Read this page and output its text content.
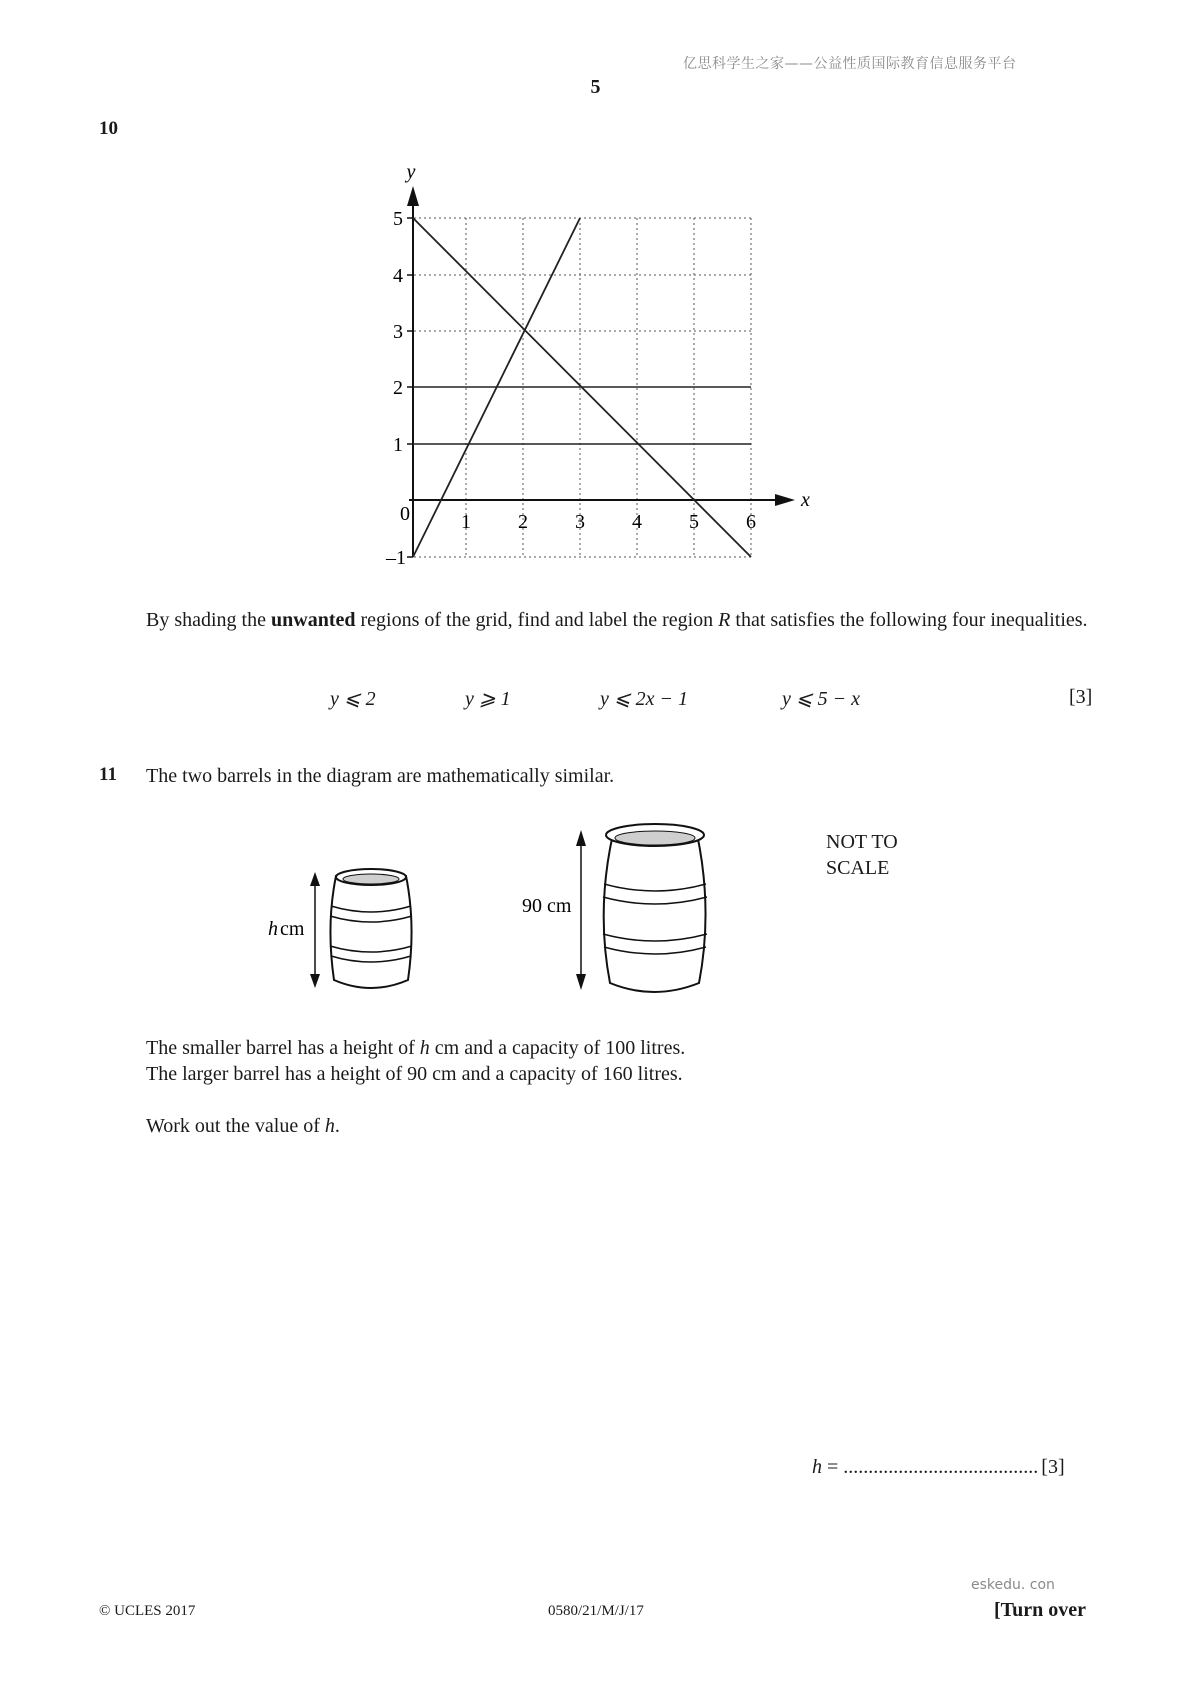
亿思科学生之家——公益性质国际教育信息服务平台
5
10
y
x
1 2 3 4 5 6
5
4
3
2
1
0
–1
By shading the unwanted regions of the grid, find and label the region R that satisfies the following four inequalities.
y ⩽ 2	y ⩾ 1	y ⩽ 2x − 1	y ⩽ 5 − x	[3]
11 The two barrels in the diagram are mathematically similar.
h cm
90 cm
NOT TO
SCALE
The smaller barrel has a height of h cm and a capacity of 100 litres.
The larger barrel has a height of 90 cm and a capacity of 160 litres.
Work out the value of h.
h = ....................................... [3]
eskedu. con
© UCLES 2017	0580/21/M/J/17	[Turn over
